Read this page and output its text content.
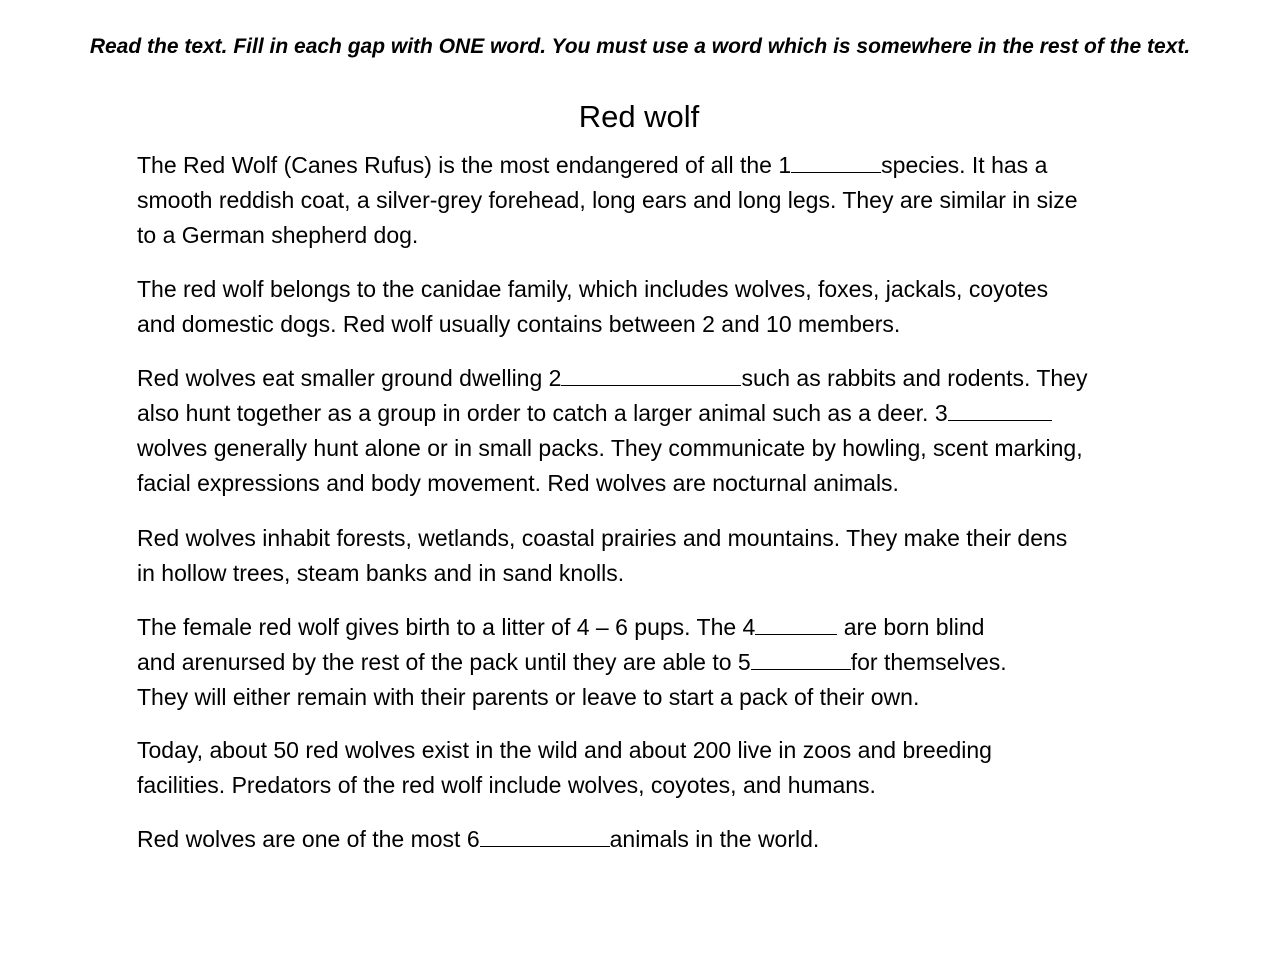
Read the text. Fill in each gap with ONE word. You must use a word which is somewhere in the rest of the text.
Red wolf
The Red Wolf (Canes Rufus) is the most endangered of all the 1	species. It has a
smooth reddish coat, a silver-grey forehead, long ears and long legs. They are similar in size
to a German shepherd dog.
The red wolf belongs to the canidae family, which includes wolves, foxes, jackals, coyotes
and domestic dogs. Red wolf usually contains between 2 and 10 members.
Red wolves eat smaller ground dwelling 2	such as rabbits and rodents. They
also hunt together as a group in order to catch a larger animal such as a deer. 3
wolves generally hunt alone or in small packs. They communicate by howling, scent marking,
facial expressions and body movement. Red wolves are nocturnal animals.
Red wolves inhabit forests, wetlands, coastal prairies and mountains. They make their dens
in hollow trees, steam banks and in sand knolls.
The female red wolf gives birth to a litter of 4 – 6 pups. The 4	are born blind
and arenursed by the rest of the pack until they are able to 5	for themselves.
They will either remain with their parents or leave to start a pack of their own.
Today, about 50 red wolves exist in the wild and about 200 live in zoos and breeding
facilities. Predators of the red wolf include wolves, coyotes, and humans.
Red wolves are one of the most 6	animals in the world.
